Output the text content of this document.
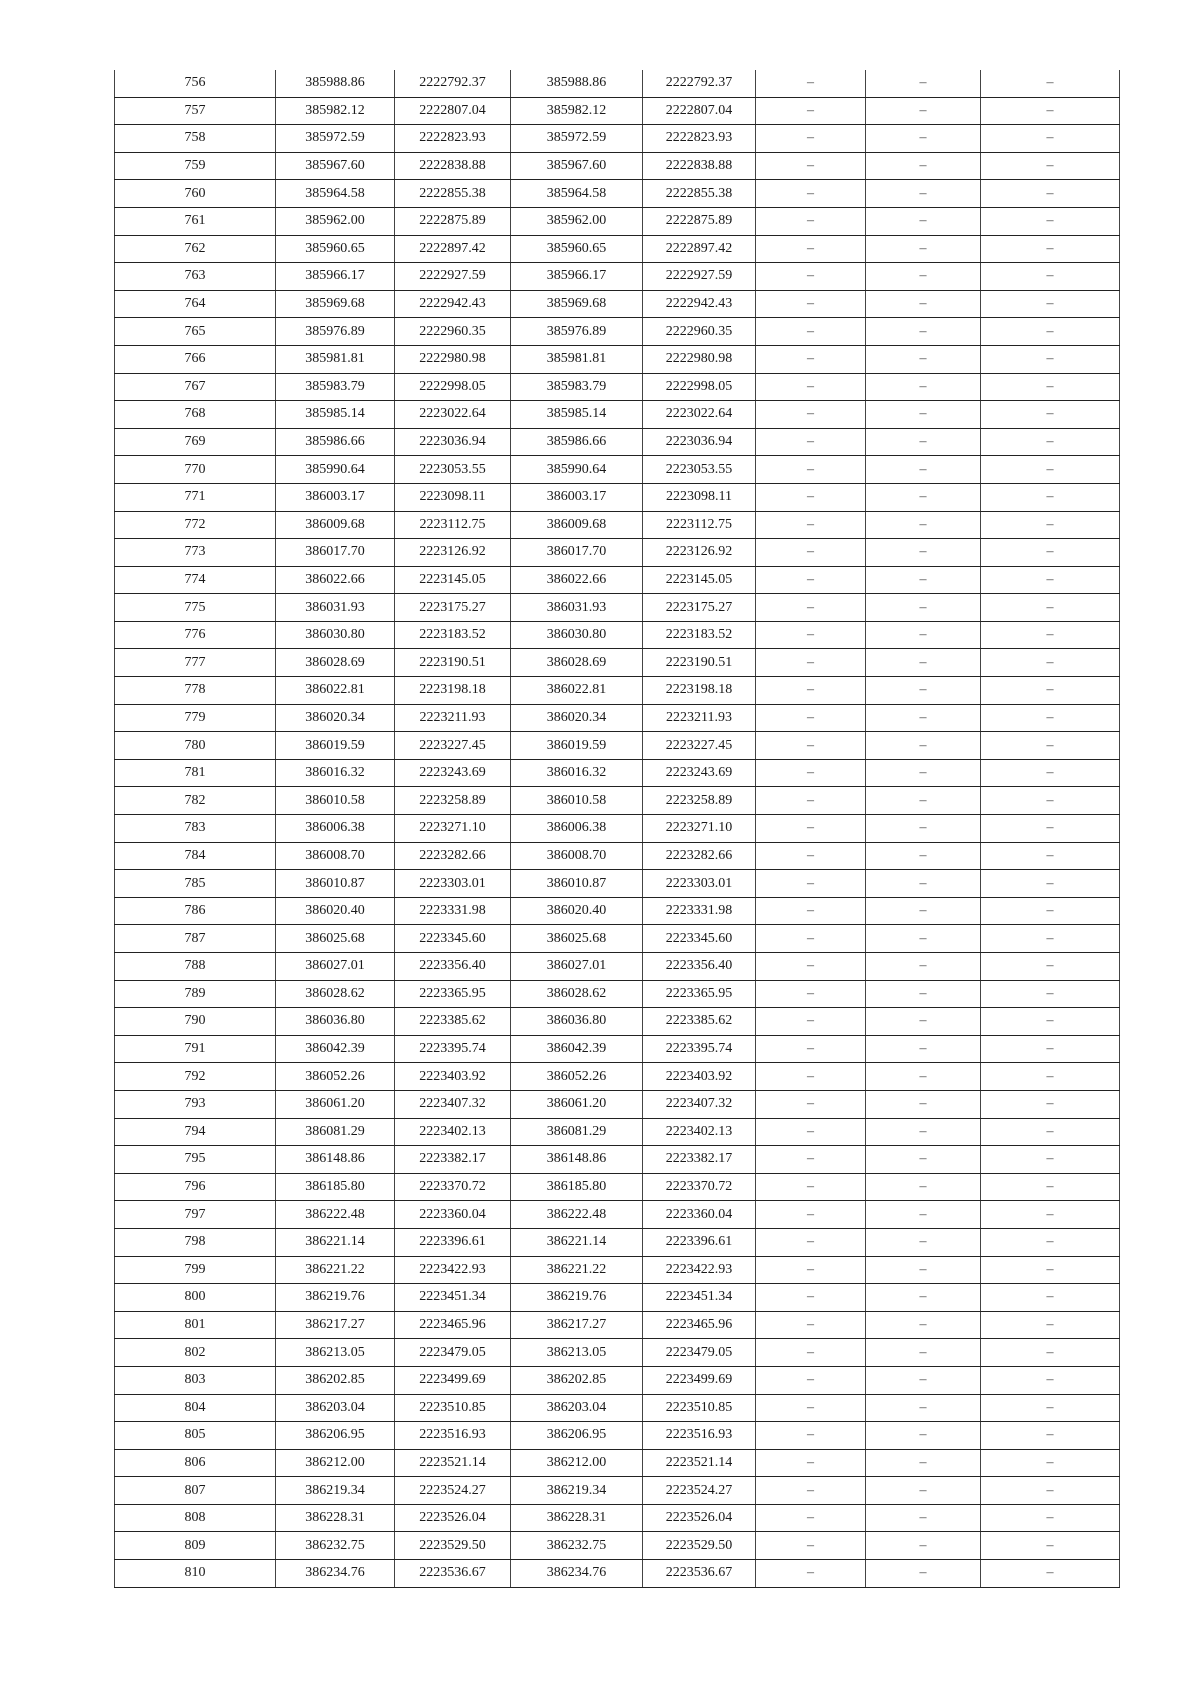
756	385988.86	2222792.37	385988.86	2222792.37	–	–	–
757	385982.12	2222807.04	385982.12	2222807.04	–	–	–
758	385972.59	2222823.93	385972.59	2222823.93	–	–	–
759	385967.60	2222838.88	385967.60	2222838.88	–	–	–
760	385964.58	2222855.38	385964.58	2222855.38	–	–	–
761	385962.00	2222875.89	385962.00	2222875.89	–	–	–
762	385960.65	2222897.42	385960.65	2222897.42	–	–	–
763	385966.17	2222927.59	385966.17	2222927.59	–	–	–
764	385969.68	2222942.43	385969.68	2222942.43	–	–	–
765	385976.89	2222960.35	385976.89	2222960.35	–	–	–
766	385981.81	2222980.98	385981.81	2222980.98	–	–	–
767	385983.79	2222998.05	385983.79	2222998.05	–	–	–
768	385985.14	2223022.64	385985.14	2223022.64	–	–	–
769	385986.66	2223036.94	385986.66	2223036.94	–	–	–
770	385990.64	2223053.55	385990.64	2223053.55	–	–	–
771	386003.17	2223098.11	386003.17	2223098.11	–	–	–
772	386009.68	2223112.75	386009.68	2223112.75	–	–	–
773	386017.70	2223126.92	386017.70	2223126.92	–	–	–
774	386022.66	2223145.05	386022.66	2223145.05	–	–	–
775	386031.93	2223175.27	386031.93	2223175.27	–	–	–
776	386030.80	2223183.52	386030.80	2223183.52	–	–	–
777	386028.69	2223190.51	386028.69	2223190.51	–	–	–
778	386022.81	2223198.18	386022.81	2223198.18	–	–	–
779	386020.34	2223211.93	386020.34	2223211.93	–	–	–
780	386019.59	2223227.45	386019.59	2223227.45	–	–	–
781	386016.32	2223243.69	386016.32	2223243.69	–	–	–
782	386010.58	2223258.89	386010.58	2223258.89	–	–	–
783	386006.38	2223271.10	386006.38	2223271.10	–	–	–
784	386008.70	2223282.66	386008.70	2223282.66	–	–	–
785	386010.87	2223303.01	386010.87	2223303.01	–	–	–
786	386020.40	2223331.98	386020.40	2223331.98	–	–	–
787	386025.68	2223345.60	386025.68	2223345.60	–	–	–
788	386027.01	2223356.40	386027.01	2223356.40	–	–	–
789	386028.62	2223365.95	386028.62	2223365.95	–	–	–
790	386036.80	2223385.62	386036.80	2223385.62	–	–	–
791	386042.39	2223395.74	386042.39	2223395.74	–	–	–
792	386052.26	2223403.92	386052.26	2223403.92	–	–	–
793	386061.20	2223407.32	386061.20	2223407.32	–	–	–
794	386081.29	2223402.13	386081.29	2223402.13	–	–	–
795	386148.86	2223382.17	386148.86	2223382.17	–	–	–
796	386185.80	2223370.72	386185.80	2223370.72	–	–	–
797	386222.48	2223360.04	386222.48	2223360.04	–	–	–
798	386221.14	2223396.61	386221.14	2223396.61	–	–	–
799	386221.22	2223422.93	386221.22	2223422.93	–	–	–
800	386219.76	2223451.34	386219.76	2223451.34	–	–	–
801	386217.27	2223465.96	386217.27	2223465.96	–	–	–
802	386213.05	2223479.05	386213.05	2223479.05	–	–	–
803	386202.85	2223499.69	386202.85	2223499.69	–	–	–
804	386203.04	2223510.85	386203.04	2223510.85	–	–	–
805	386206.95	2223516.93	386206.95	2223516.93	–	–	–
806	386212.00	2223521.14	386212.00	2223521.14	–	–	–
807	386219.34	2223524.27	386219.34	2223524.27	–	–	–
808	386228.31	2223526.04	386228.31	2223526.04	–	–	–
809	386232.75	2223529.50	386232.75	2223529.50	–	–	–
810	386234.76	2223536.67	386234.76	2223536.67	–	–	–
